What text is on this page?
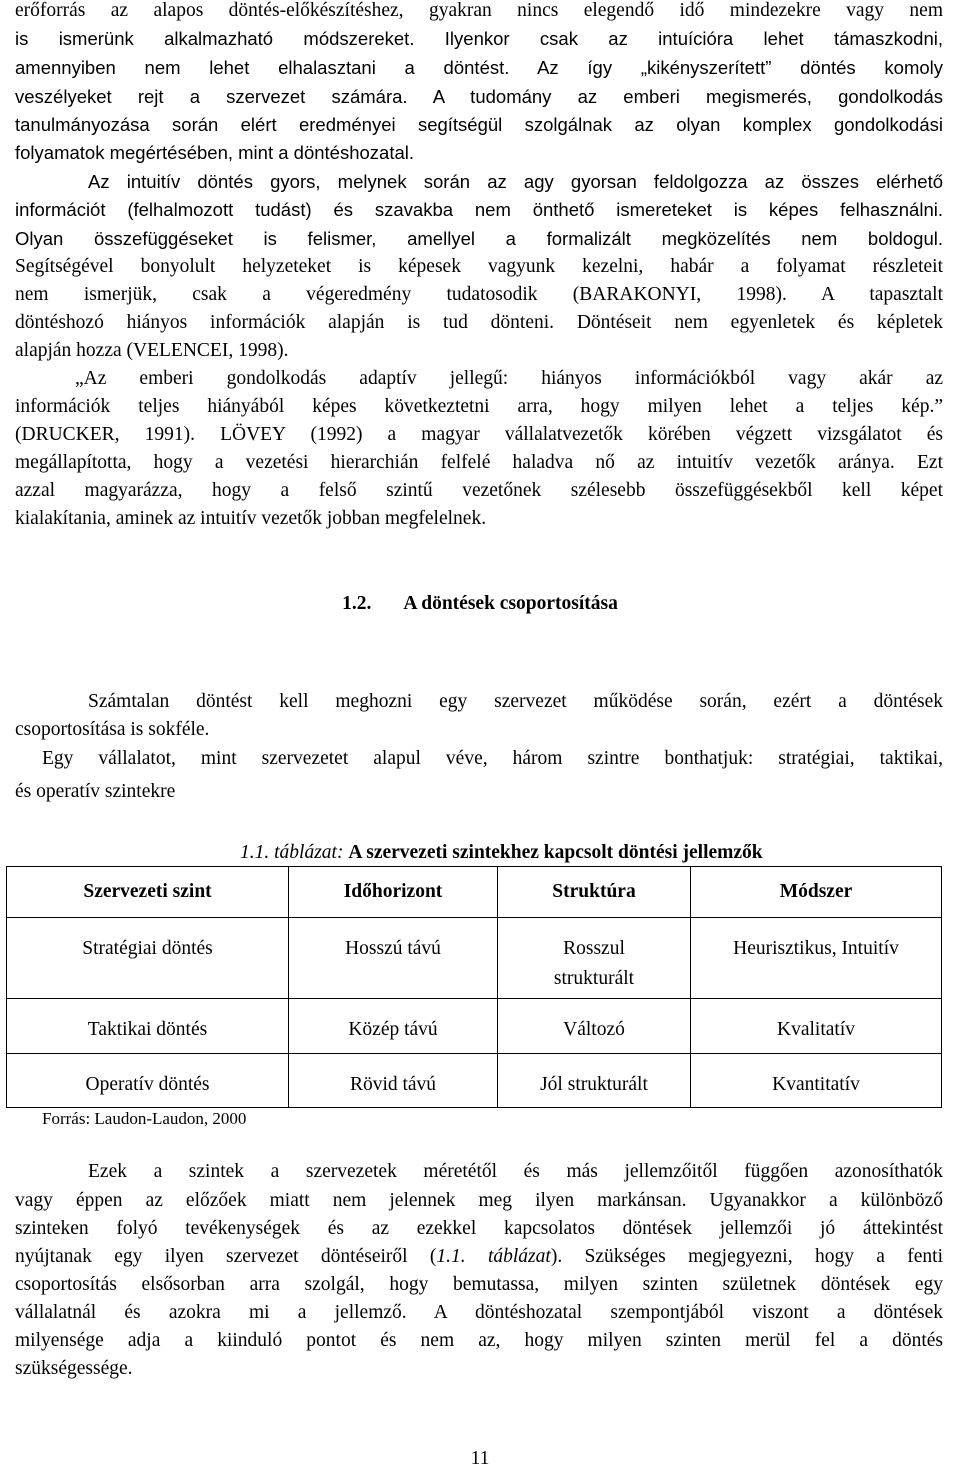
erőforrás az alapos döntés-előkészítéshez, gyakran nincs elegendő idő mindezekre vagy nem
is ismerünk alkalmazható módszereket. Ilyenkor csak az intuícióra lehet támaszkodni,
amennyiben nem lehet elhalasztani a döntést. Az így „kikényszerített” döntés komoly
veszélyeket rejt a szervezet számára. A tudomány az emberi megismerés, gondolkodás
tanulmányozása során elért eredményei segítségül szolgálnak az olyan komplex gondolkodási
folyamatok megértésében, mint a döntéshozatal.
Az intuitív döntés gyors, melynek során az agy gyorsan feldolgozza az összes elérhető
információt (felhalmozott tudást) és szavakba nem önthető ismereteket is képes felhasználni.
Olyan összefüggéseket is felismer, amellyel a formalizált megközelítés nem boldogul.
Segítségével bonyolult helyzeteket is képesek vagyunk kezelni, habár a folyamat részleteit
nem ismerjük, csak a végeredmény tudatosodik (BARAKONYI, 1998). A tapasztalt
döntéshozó hiányos információk alapján is tud dönteni. Döntéseit nem egyenletek és képletek
alapján hozza (VELENCEI, 1998).
„Az emberi gondolkodás adaptív jellegű: hiányos információkból vagy akár az
információk teljes hiányából képes következtetni arra, hogy milyen lehet a teljes kép.”
(DRUCKER, 1991). LÖVEY (1992) a magyar vállalatvezetők körében végzett vizsgálatot és
megállapította, hogy a vezetési hierarchián felfelé haladva nő az intuitív vezetők aránya. Ezt
azzal magyarázza, hogy a felső szintű vezetőnek szélesebb összefüggésekből kell képet
kialakítania, aminek az intuitív vezetők jobban megfelelnek.
1.2. A döntések csoportosítása
Számtalan döntést kell meghozni egy szervezet működése során, ezért a döntések
csoportosítása is sokféle.
Egy vállalatot, mint szervezetet alapul véve, három szintre bonthatjuk: stratégiai, taktikai,
és operatív szintekre
1.1. táblázat: A szervezeti szintekhez kapcsolt döntési jellemzők
Szervezeti szint	Időhorizont	Struktúra	Módszer
Stratégiai döntés	Hosszú távú	Rosszul strukturált	Heurisztikus, Intuitív
Taktikai döntés	Közép távú	Változó	Kvalitatív
Operatív döntés	Rövid távú	Jól strukturált	Kvantitatív
Forrás: Laudon-Laudon, 2000
Ezek a szintek a szervezetek méretétől és más jellemzőitől függően azonosíthatók
vagy éppen az előzőek miatt nem jelennek meg ilyen markánsan. Ugyanakkor a különböző
szinteken folyó tevékenységek és az ezekkel kapcsolatos döntések jellemzői jó áttekintést
nyújtanak egy ilyen szervezet döntéseiről (1.1. táblázat). Szükséges megjegyezni, hogy a fenti
csoportosítás elsősorban arra szolgál, hogy bemutassa, milyen szinten születnek döntések egy
vállalatnál és azokra mi a jellemző. A döntéshozatal szempontjából viszont a döntések
milyensége adja a kiinduló pontot és nem az, hogy milyen szinten merül fel a döntés
szükségessége.
11
